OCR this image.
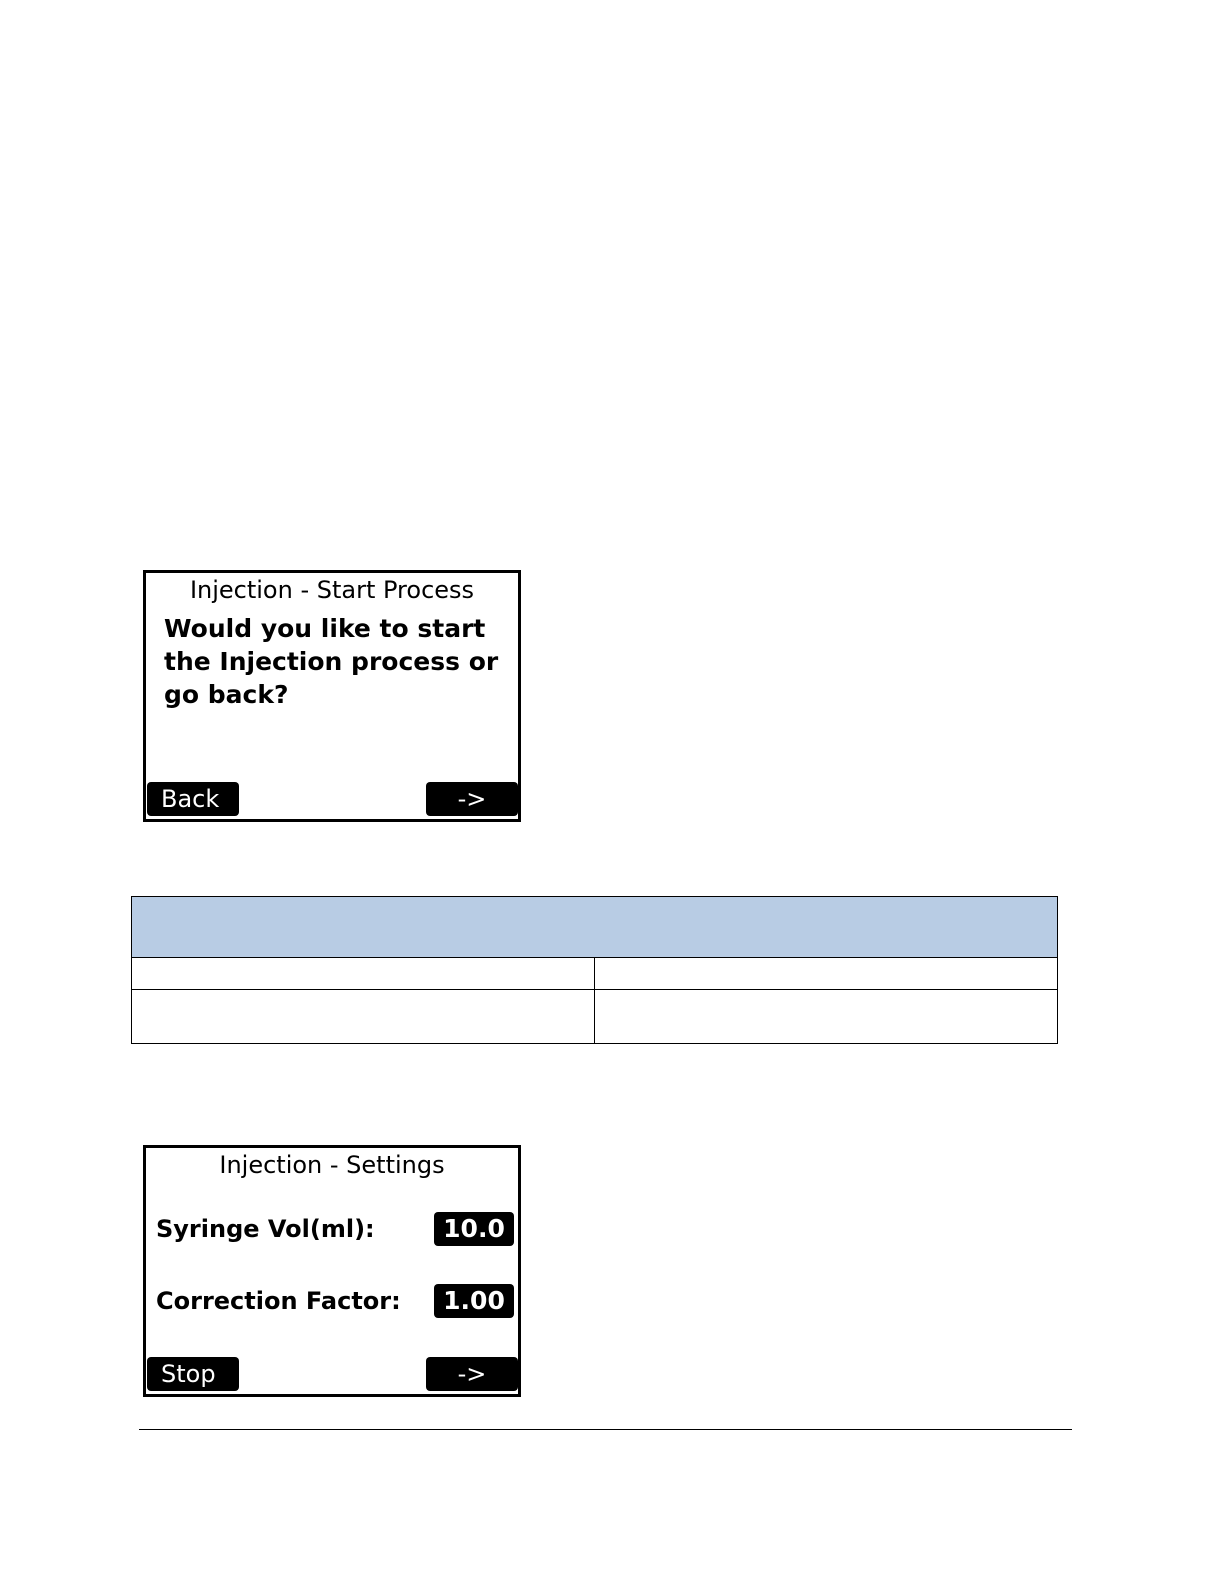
Injection - Start Process
Would you like to start the Injection process or go back?
Back	->

Injection - Settings
Syringe Vol(ml):	10.0
Correction Factor:	1.00
Stop	->
